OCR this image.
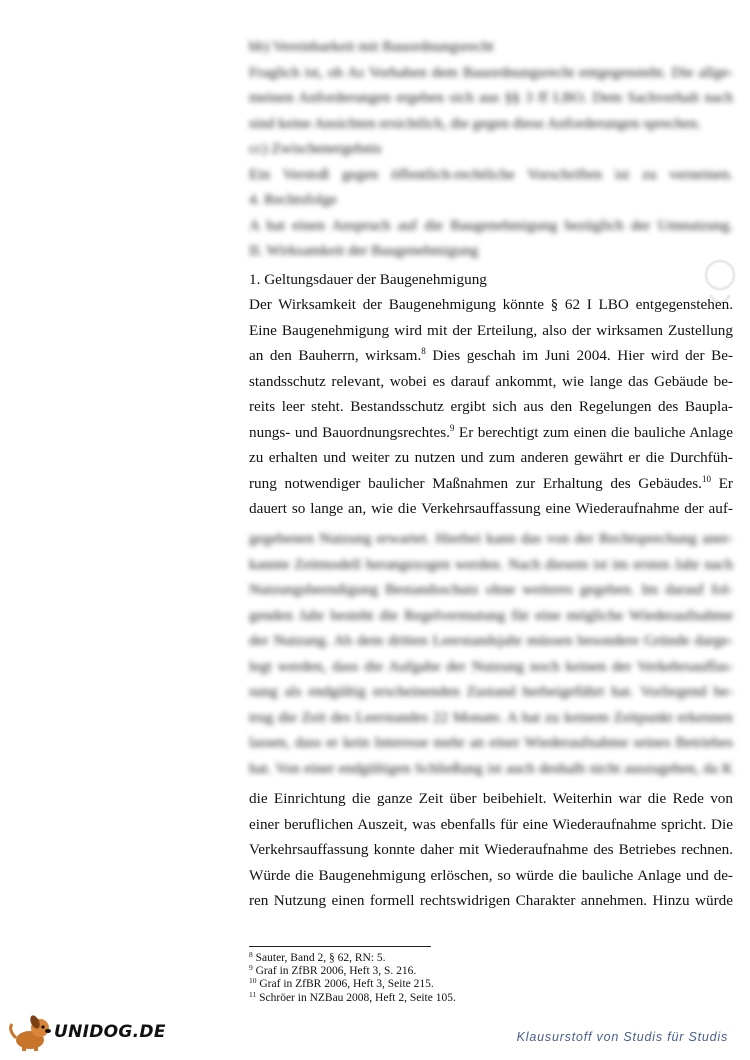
bb) Vereinbarkeit mit Bauordnungsrecht
Fraglich ist, ob As Vorhaben dem Bauordnungsrecht entgegensteht. Die allge-
meinen Anforderungen ergeben sich aus §§ 3 ff LBO. Dem Sachverhalt nach
sind keine Ansichten ersichtlich, die gegen diese Anforderungen sprechen.
cc) Zwischenergebnis
Ein Verstoß gegen öffentlich-rechtliche Vorschriften ist zu verneinen.
4. Rechtsfolge
A hat einen Anspruch auf die Baugenehmigung bezüglich der Umnutzung.
II. Wirksamkeit der Baugenehmigung
1. Geltungsdauer der Baugenehmigung
Der Wirksamkeit der Baugenehmigung könnte § 62 I LBO entgegenstehen.
Eine Baugenehmigung wird mit der Erteilung, also der wirksamen Zustellung
an den Bauherrn, wirksam.$^8$ Dies geschah im Juni 2004. Hier wird der Be-
standsschutz relevant, wobei es darauf ankommt, wie lange das Gebäude be-
reits leer steht. Bestandsschutz ergibt sich aus den Regelungen des Baupla-
nungs- und Bauordnungsrechtes.$^9$ Er berechtigt zum einen die bauliche Anlage
zu erhalten und weiter zu nutzen und zum anderen gewährt er die Durchfüh-
rung notwendiger baulicher Maßnahmen zur Erhaltung des Gebäudes.$^{10}$ Er
dauert so lange an, wie die Verkehrsauffassung eine Wiederaufnahme der auf-
gegebenen Nutzung erwartet. Hierbei kann das von der Rechtsprechung aner-
kannte Zeitmodell herangezogen werden. Nach diesem ist im ersten Jahr nach
Nutzungsbeendigung Bestandsschutz ohne weiteres gegeben. Im darauf fol-
genden Jahr besteht die Regelvermutung für eine mögliche Wiederaufnahme
der Nutzung. Ab dem dritten Leerstandsjahr müssen besondere Gründe darge-
legt werden, dass die Aufgabe der Nutzung noch keinen der Verkehrsauffas-
sung als endgültig erscheinenden Zustand herbeigeführt hat. Vorliegend be-
trug die Zeit des Leerstandes 22 Monate. A hat zu keinem Zeitpunkt erkennen
lassen, dass er kein Interesse mehr an einer Wiederaufnahme seines Betriebes
hat. Von einer endgültigen Schließung ist auch deshalb nicht auszugehen, da K
die Einrichtung die ganze Zeit über beibehielt. Weiterhin war die Rede von
einer beruflichen Auszeit, was ebenfalls für eine Wiederaufnahme spricht. Die
Verkehrsauffassung konnte daher mit Wiederaufnahme des Betriebes rechnen.
Würde die Baugenehmigung erlöschen, so würde die bauliche Anlage und de-
ren Nutzung einen formell rechtswidrigen Charakter annehmen. Hinzu würde
$^8$ Sauter, Band 2, § 62, RN: 5.
$^9$ Graf in ZfBR 2006, Heft 3, S. 216.
$^{10}$ Graf in ZfBR 2006, Heft 3, Seite 215.
$^{11}$ Schröer in NZBau 2008, Heft 2, Seite 105.
UNIDOG.DE	Klausurstoff von Studis für Studis
